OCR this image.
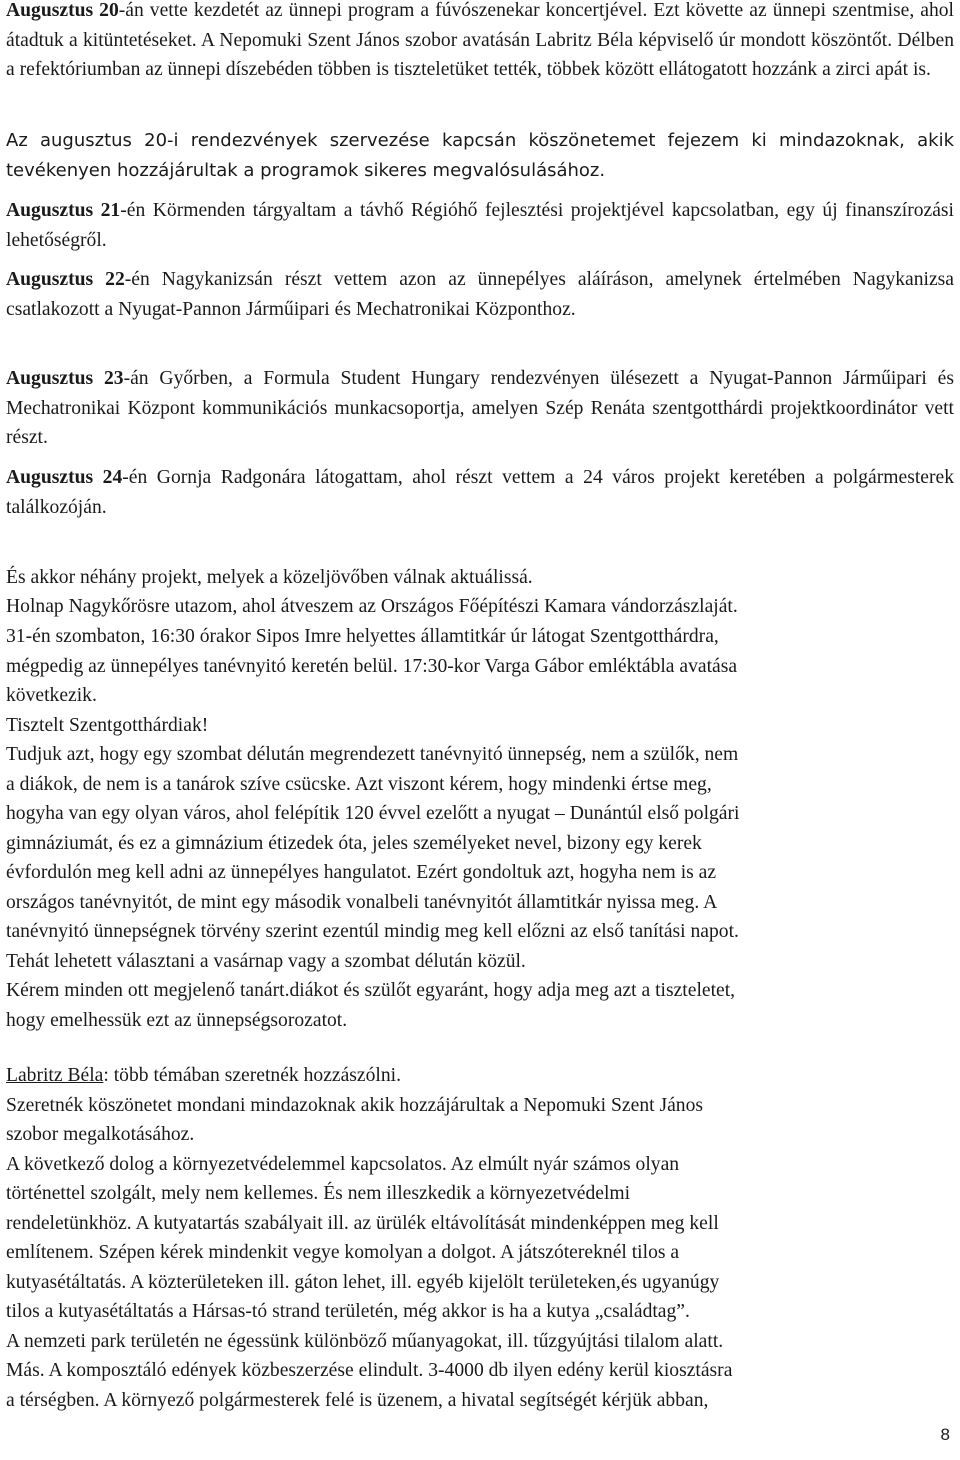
Augusztus 20-án vette kezdetét az ünnepi program a fúvószenekar koncertjével. Ezt követte az ünnepi szentmise, ahol átadtuk a kitüntetéseket. A Nepomuki Szent János szobor avatásán Labritz Béla képviselő úr mondott köszöntőt. Délben a refektóriumban az ünnepi díszebéden többen is tiszteletüket tették, többek között ellátogatott hozzánk a zirci apát is.

Az augusztus 20-i rendezvények szervezése kapcsán köszönetemet fejezem ki mindazoknak, akik tevékenyen hozzájárultak a programok sikeres megvalósulásához.

Augusztus 21-én Körmenden tárgyaltam a távhő Régióhő fejlesztési projektjével kapcsolatban, egy új finanszírozási lehetőségről.

Augusztus 22-én Nagykanizsán részt vettem azon az ünnepélyes aláíráson, amelynek értelmében Nagykanizsa csatlakozott a Nyugat-Pannon Járműipari és Mechatronikai Központhoz.

Augusztus 23-án Győrben, a Formula Student Hungary rendezvényen ülésezett a Nyugat-Pannon Járműipari és Mechatronikai Központ kommunikációs munkacsoportja, amelyen Szép Renáta szentgotthárdi projektkoordinátor vett részt.

Augusztus 24-én Gornja Radgonára látogattam, ahol részt vettem a 24 város projekt keretében a polgármesterek találkozóján.

És akkor néhány projekt, melyek a közeljövőben válnak aktuálissá.
Holnap Nagykőrösre utazom, ahol átveszem az Országos Főépítészi Kamara vándorzászlaját.
31-én szombaton, 16:30 órakor Sipos Imre helyettes államtitkár úr látogat Szentgotthárdra,
mégpedig az ünnepélyes tanévnyitó keretén belül. 17:30-kor Varga Gábor emléktábla avatása
következik.
Tisztelt Szentgotthárdiak!
Tudjuk azt, hogy egy szombat délután megrendezett tanévnyitó ünnepség, nem a szülők, nem
a diákok, de nem is a tanárok szíve csücske. Azt viszont kérem, hogy mindenki értse meg,
hogyha van egy olyan város, ahol felépítik 120 évvel ezelőtt a nyugat – Dunántúl első polgári
gimnáziumát, és ez a gimnázium étizedek óta, jeles személyeket nevel, bizony egy kerek
évfordulón meg kell adni az ünnepélyes hangulatot. Ezért gondoltuk azt, hogyha nem is az
országos tanévnyitót, de mint egy második vonalbeli tanévnyitót államtitkár nyissa meg. A
tanévnyitó ünnepségnek törvény szerint ezentúl mindig meg kell előzni az első tanítási napot.
Tehát lehetett választani a vasárnap vagy a szombat délután közül.
Kérem minden ott megjelenő tanárt.diákot és szülőt egyaránt, hogy adja meg azt a tiszteletet,
hogy emelhessük ezt az ünnepségsorozatot.
Labritz Béla: több témában szeretnék hozzászólni.
Szeretnék köszönetet mondani mindazoknak akik hozzájárultak a Nepomuki Szent János
szobor megalkotásához.
A következő dolog a környezetvédelemmel kapcsolatos. Az elmúlt nyár számos olyan
történettel szolgált, mely nem kellemes. És nem illeszkedik a környezetvédelmi
rendeletünkhöz. A kutyatartás szabályait ill. az ürülék eltávolítását mindenképpen meg kell
említenem. Szépen kérek mindenkit vegye komolyan a dolgot. A játszótereknél tilos a
kutyasétáltatás. A közterületeken ill. gáton lehet, ill. egyéb kijelölt területeken,és ugyanúgy
tilos a kutyasétáltatás a Hársas-tó strand területén, még akkor is ha a kutya „családtag”.
A nemzeti park területén ne égessünk különböző műanyagokat, ill. tűzgyújtási tilalom alatt.
Más. A komposztáló edények közbeszerzése elindult. 3-4000 db ilyen edény kerül kiosztásra
a térségben. A környező polgármesterek felé is üzenem, a hivatal segítségét kérjük abban,
8
